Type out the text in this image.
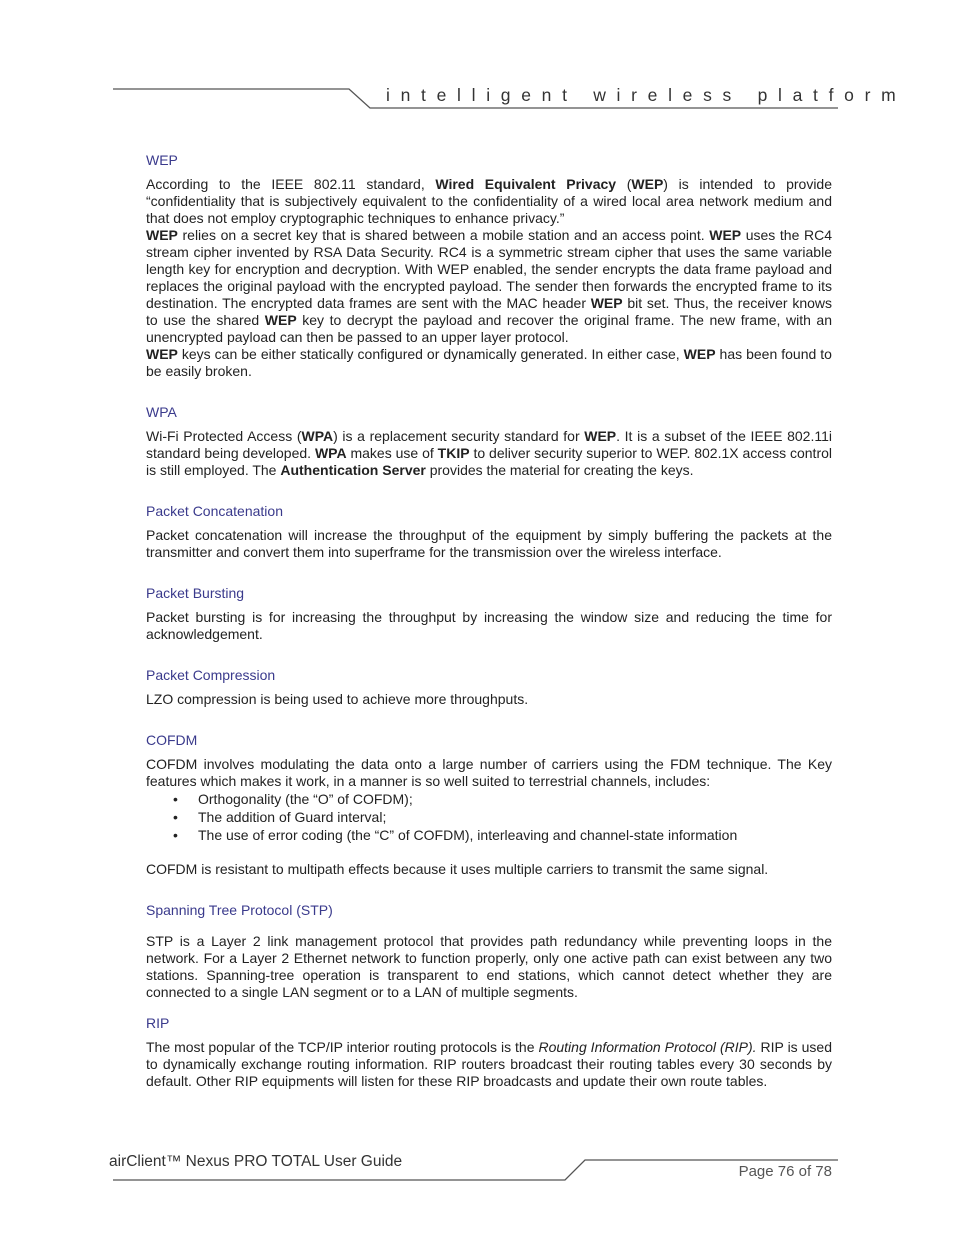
intelligent wireless platform
WEP

According to the IEEE 802.11 standard, Wired Equivalent Privacy (WEP) is intended to provide “confidentiality that is subjectively equivalent to the confidentiality of a wired local area network medium and that does not employ cryptographic techniques to enhance privacy.”

WEP relies on a secret key that is shared between a mobile station and an access point. WEP uses the RC4 stream cipher invented by RSA Data Security. RC4 is a symmetric stream cipher that uses the same variable length key for encryption and decryption. With WEP enabled, the sender encrypts the data frame payload and replaces the original payload with the encrypted payload. The sender then forwards the encrypted frame to its destination. The encrypted data frames are sent with the MAC header WEP bit set. Thus, the receiver knows to use the shared WEP key to decrypt the payload and recover the original frame. The new frame, with an unencrypted payload can then be passed to an upper layer protocol.

WEP keys can be either statically configured or dynamically generated. In either case, WEP has been found to be easily broken.

WPA

Wi-Fi Protected Access (WPA) is a replacement security standard for WEP. It is a subset of the IEEE 802.11i standard being developed. WPA makes use of TKIP to deliver security superior to WEP. 802.1X access control is still employed. The Authentication Server provides the material for creating the keys.

Packet Concatenation

Packet concatenation will increase the throughput of the equipment by simply buffering the packets at the transmitter and convert them into superframe for the transmission over the wireless interface.

Packet Bursting

Packet bursting is for increasing the throughput by increasing the window size and reducing the time for acknowledgement.

Packet Compression

LZO compression is being used to achieve more throughputs.

COFDM

COFDM involves modulating the data onto a large number of carriers using the FDM technique. The Key features which makes it work, in a manner is so well suited to terrestrial channels, includes:

• Orthogonality (the “O” of COFDM);
• The addition of Guard interval;
• The use of error coding (the “C” of COFDM), interleaving and channel-state information

COFDM is resistant to multipath effects because it uses multiple carriers to transmit the same signal.

Spanning Tree Protocol (STP)

STP is a Layer 2 link management protocol that provides path redundancy while preventing loops in the network. For a Layer 2 Ethernet network to function properly, only one active path can exist between any two stations. Spanning-tree operation is transparent to end stations, which cannot detect whether they are connected to a single LAN segment or to a LAN of multiple segments.

RIP

The most popular of the TCP/IP interior routing protocols is the Routing Information Protocol (RIP). RIP is used to dynamically exchange routing information. RIP routers broadcast their routing tables every 30 seconds by default. Other RIP equipments will listen for these RIP broadcasts and update their own route tables.

airClient™ Nexus PRO TOTAL User Guide
Page 76 of 78
